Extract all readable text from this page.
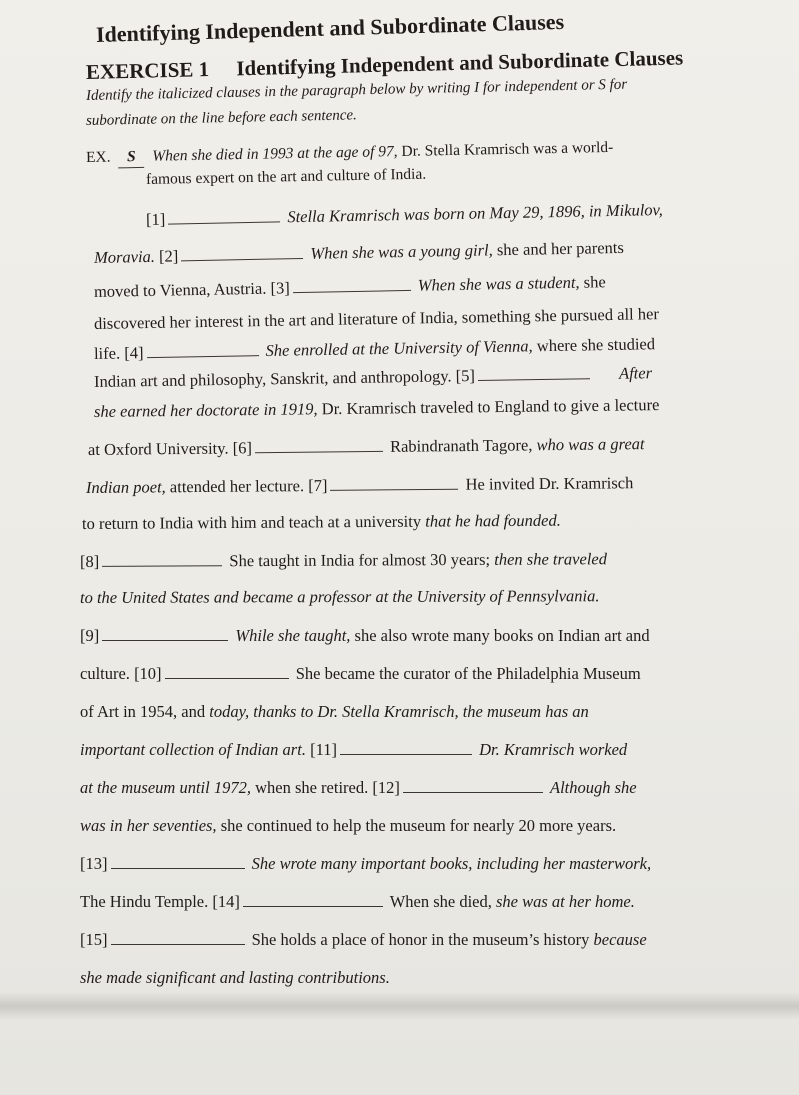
Identifying Independent and Subordinate Clauses
EXERCISE 1 Identifying Independent and Subordinate Clauses
Identify the italicized clauses in the paragraph below by writing I for independent or S for
subordinate on the line before each sentence.
EX. S When she died in 1993 at the age of 97, Dr. Stella Kramrisch was a world-
famous expert on the art and culture of India.
[1]	Stella Kramrisch was born on May 29, 1896, in Mikulov,
Moravia. [2]	When she was a young girl, she and her parents
moved to Vienna, Austria. [3]	When she was a student, she
discovered her interest in the art and literature of India, something she pursued all her
life. [4]	She enrolled at the University of Vienna, where she studied
Indian art and philosophy, Sanskrit, and anthropology. [5]	After
she earned her doctorate in 1919, Dr. Kramrisch traveled to England to give a lecture
at Oxford University. [6]	Rabindranath Tagore, who was a great
Indian poet, attended her lecture. [7]	He invited Dr. Kramrisch
to return to India with him and teach at a university that he had founded.
[8]	She taught in India for almost 30 years; then she traveled
to the United States and became a professor at the University of Pennsylvania.
[9]	While she taught, she also wrote many books on Indian art and
culture. [10]	She became the curator of the Philadelphia Museum
of Art in 1954, and today, thanks to Dr. Stella Kramrisch, the museum has an
important collection of Indian art. [11]	Dr. Kramrisch worked
at the museum until 1972, when she retired. [12]	Although she
was in her seventies, she continued to help the museum for nearly 20 more years.
[13]	She wrote many important books, including her masterwork,
The Hindu Temple. [14]	When she died, she was at her home.
[15]	She holds a place of honor in the museum’s history because
she made significant and lasting contributions.
